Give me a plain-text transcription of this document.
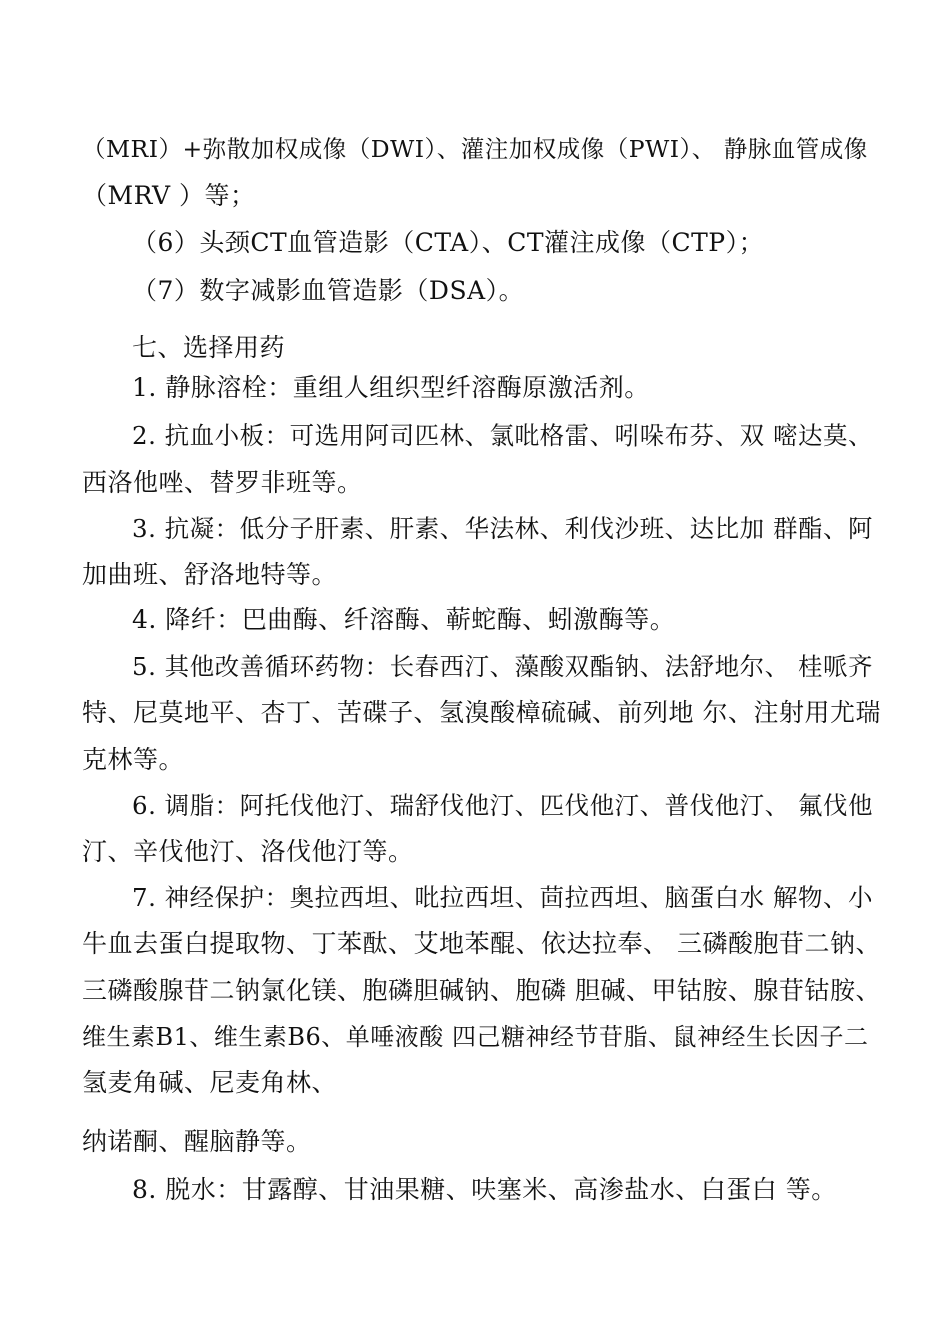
（MRI）+弥散加权成像（DWI）、灌注加权成像（PWI）、 静脉血管成像
（MRV ）等；
（6）头颈CT血管造影（CTA）、CT灌注成像（CTP）；
（7）数字减影血管造影（DSA）。
七、选择用药
1. 静脉溶栓：重组人组织型纤溶酶原激活剂。
2. 抗血小板：可选用阿司匹林、氯吡格雷、吲哚布芬、双 嘧达莫、
西洛他唑、替罗非班等。
3. 抗凝：低分子肝素、肝素、华法林、利伐沙班、达比加 群酯、阿
加曲班、舒洛地特等。
4. 降纤：巴曲酶、纤溶酶、蕲蛇酶、蚓激酶等。
5. 其他改善循环药物：长春西汀、藻酸双酯钠、法舒地尔、 桂哌齐
特、尼莫地平、杏丁、苦碟子、氢溴酸樟硫碱、前列地 尔、注射用尤瑞
克林等。
6. 调脂：阿托伐他汀、瑞舒伐他汀、匹伐他汀、普伐他汀、 氟伐他
汀、辛伐他汀、洛伐他汀等。
7. 神经保护：奥拉西坦、吡拉西坦、茴拉西坦、脑蛋白水 解物、小
牛血去蛋白提取物、丁苯酞、艾地苯醌、依达拉奉、 三磷酸胞苷二钠、
三磷酸腺苷二钠氯化镁、胞磷胆碱钠、胞磷 胆碱、甲钴胺、腺苷钴胺、
维生素B1、维生素B6、单唾液酸 四己糖神经节苷脂、鼠神经生长因子二
氢麦角碱、尼麦角林、
纳诺酮、醒脑静等。
8. 脱水：甘露醇、甘油果糖、呋塞米、高渗盐水、白蛋白 等。
